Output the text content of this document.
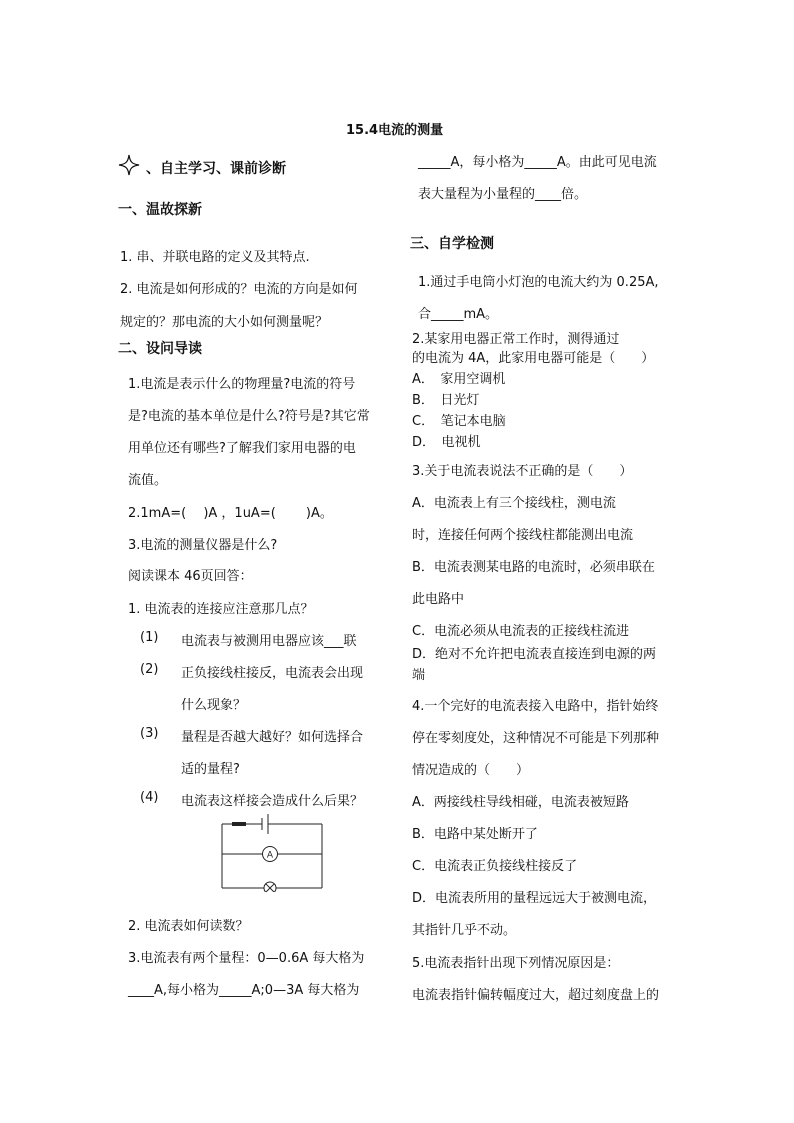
15.4电流的测量
、自主学习、课前诊断
一、温故探新
1. 串、并联电路的定义及其特点.
2. 电流是如何形成的？电流的方向是如何
规定的？那电流的大小如何测量呢？
二、设问导读
1.电流是表示什么的物理量?电流的符号
是?电流的基本单位是什么?符号是?其它常
用单位还有哪些?了解我们家用电器的电
流值。
2.1mA=(　 )A ，1uA=(　 　)A。
3.电流的测量仪器是什么?
阅读课本 46页回答：
1. 电流表的连接应注意那几点？
(1) 电流表与被测用电器应该___联
(2) 正负接线柱接反，电流表会出现
什么现象？
(3) 量程是否越大越好？如何选择合
适的量程?
(4) 电流表这样接会造成什么后果？
A
2. 电流表如何读数？
3.电流表有两个量程：0—0.6A 每大格为
____A,每小格为_____A;0—3A 每大格为
_____A，每小格为_____A。由此可见电流
表大量程为小量程的____倍。
三、自学检测
1.通过手电筒小灯泡的电流大约为 0.25A,
合_____mA。
2.某家用电器正常工作时，测得通过
的电流为 4A，此家用电器可能是（　　）
A．　家用空调机
B．　日光灯
C．　笔记本电脑
D．　电视机
3.关于电流表说法不正确的是（　　）
A．电流表上有三个接线柱，测电流
时，连接任何两个接线柱都能测出电流
B．电流表测某电路的电流时，必须串联在
此电路中
C．电流必须从电流表的正接线柱流进
D．绝对不允许把电流表直接连到电源的两
端
4.一个完好的电流表接入电路中，指针始终
停在零刻度处，这种情况不可能是下列那种
情况造成的（　　）
A．两接线柱导线相碰，电流表被短路
B．电路中某处断开了
C．电流表正负接线柱接反了
D．电流表所用的量程远远大于被测电流，
其指针几乎不动。
5.电流表指针出现下列情况原因是：
电流表指针偏转幅度过大，超过刻度盘上的
